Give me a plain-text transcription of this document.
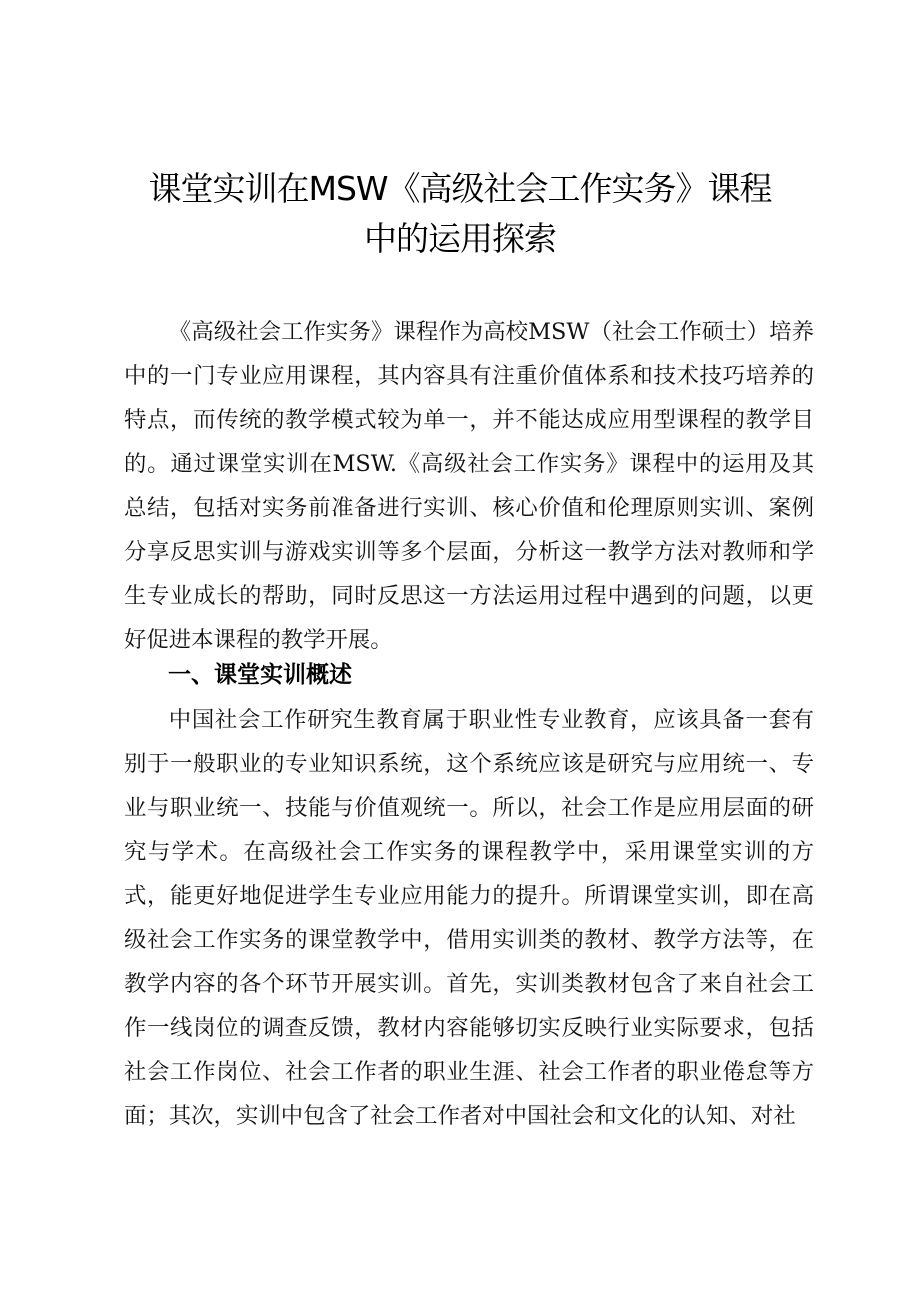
课堂实训在MSW《高级社会工作实务》课程
中的运用探索

《高级社会工作实务》课程作为高校MSW（社会工作硕士）培养中的一门专业应用课程，其内容具有注重价值体系和技术技巧培养的特点，而传统的教学模式较为单一，并不能达成应用型课程的教学目的。通过课堂实训在MSW.《高级社会工作实务》课程中的运用及其总结，包括对实务前准备进行实训、核心价值和伦理原则实训、案例分享反思实训与游戏实训等多个层面，分析这一教学方法对教师和学生专业成长的帮助，同时反思这一方法运用过程中遇到的问题，以更好促进本课程的教学开展。

一、课堂实训概述

中国社会工作研究生教育属于职业性专业教育，应该具备一套有别于一般职业的专业知识系统，这个系统应该是研究与应用统一、专业与职业统一、技能与价值观统一。所以，社会工作是应用层面的研究与学术。在高级社会工作实务的课程教学中，采用课堂实训的方式，能更好地促进学生专业应用能力的提升。所谓课堂实训，即在高级社会工作实务的课堂教学中，借用实训类的教材、教学方法等，在教学内容的各个环节开展实训。首先，实训类教材包含了来自社会工作一线岗位的调查反馈，教材内容能够切实反映行业实际要求，包括社会工作岗位、社会工作者的职业生涯、社会工作者的职业倦怠等方面；其次，实训中包含了社会工作者对中国社会和文化的认知、对社
